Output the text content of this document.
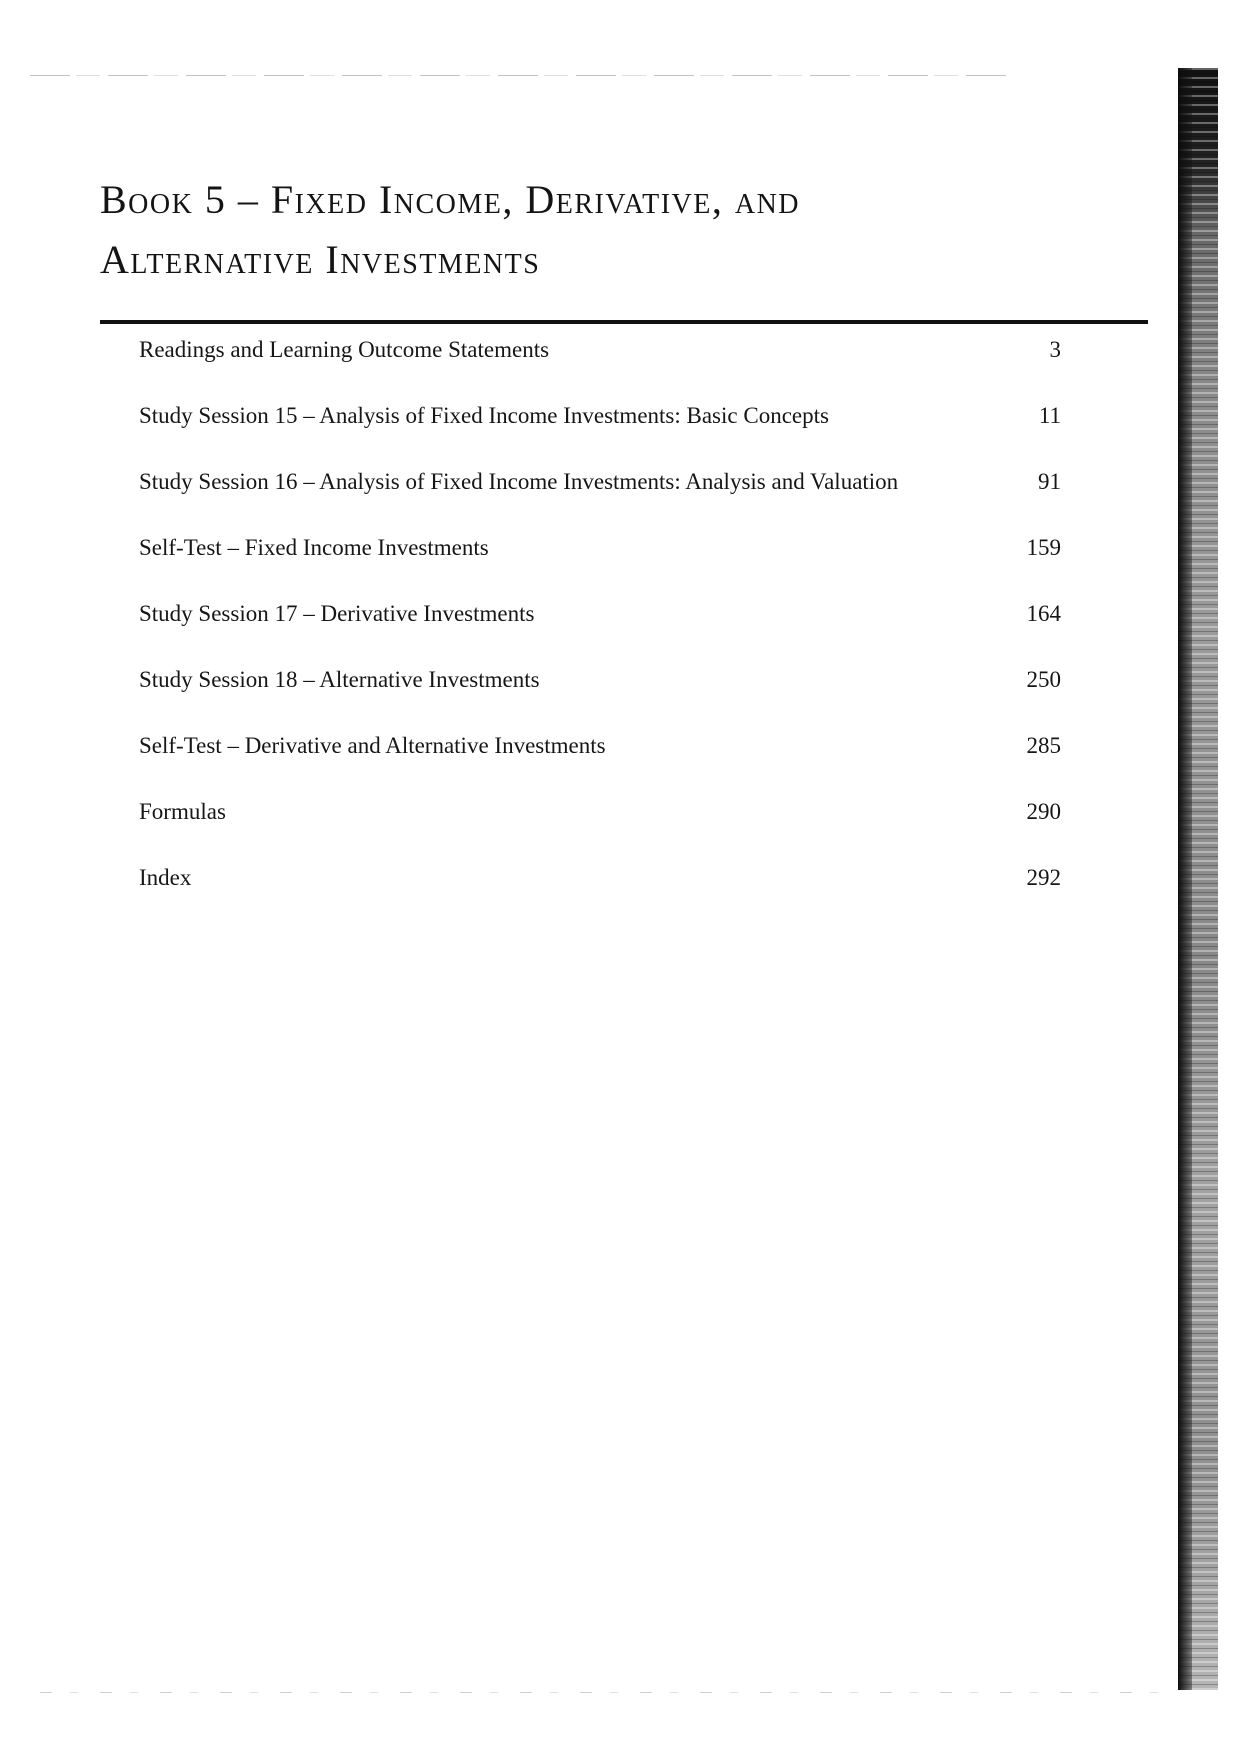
Book 5 – Fixed Income, Derivative, and
Alternative Investments
Readings and Learning Outcome Statements	3
Study Session 15 – Analysis of Fixed Income Investments: Basic Concepts	11
Study Session 16 – Analysis of Fixed Income Investments: Analysis and Valuation	91
Self-Test – Fixed Income Investments	159
Study Session 17 – Derivative Investments	164
Study Session 18 – Alternative Investments	250
Self-Test – Derivative and Alternative Investments	285
Formulas	290
Index	292
